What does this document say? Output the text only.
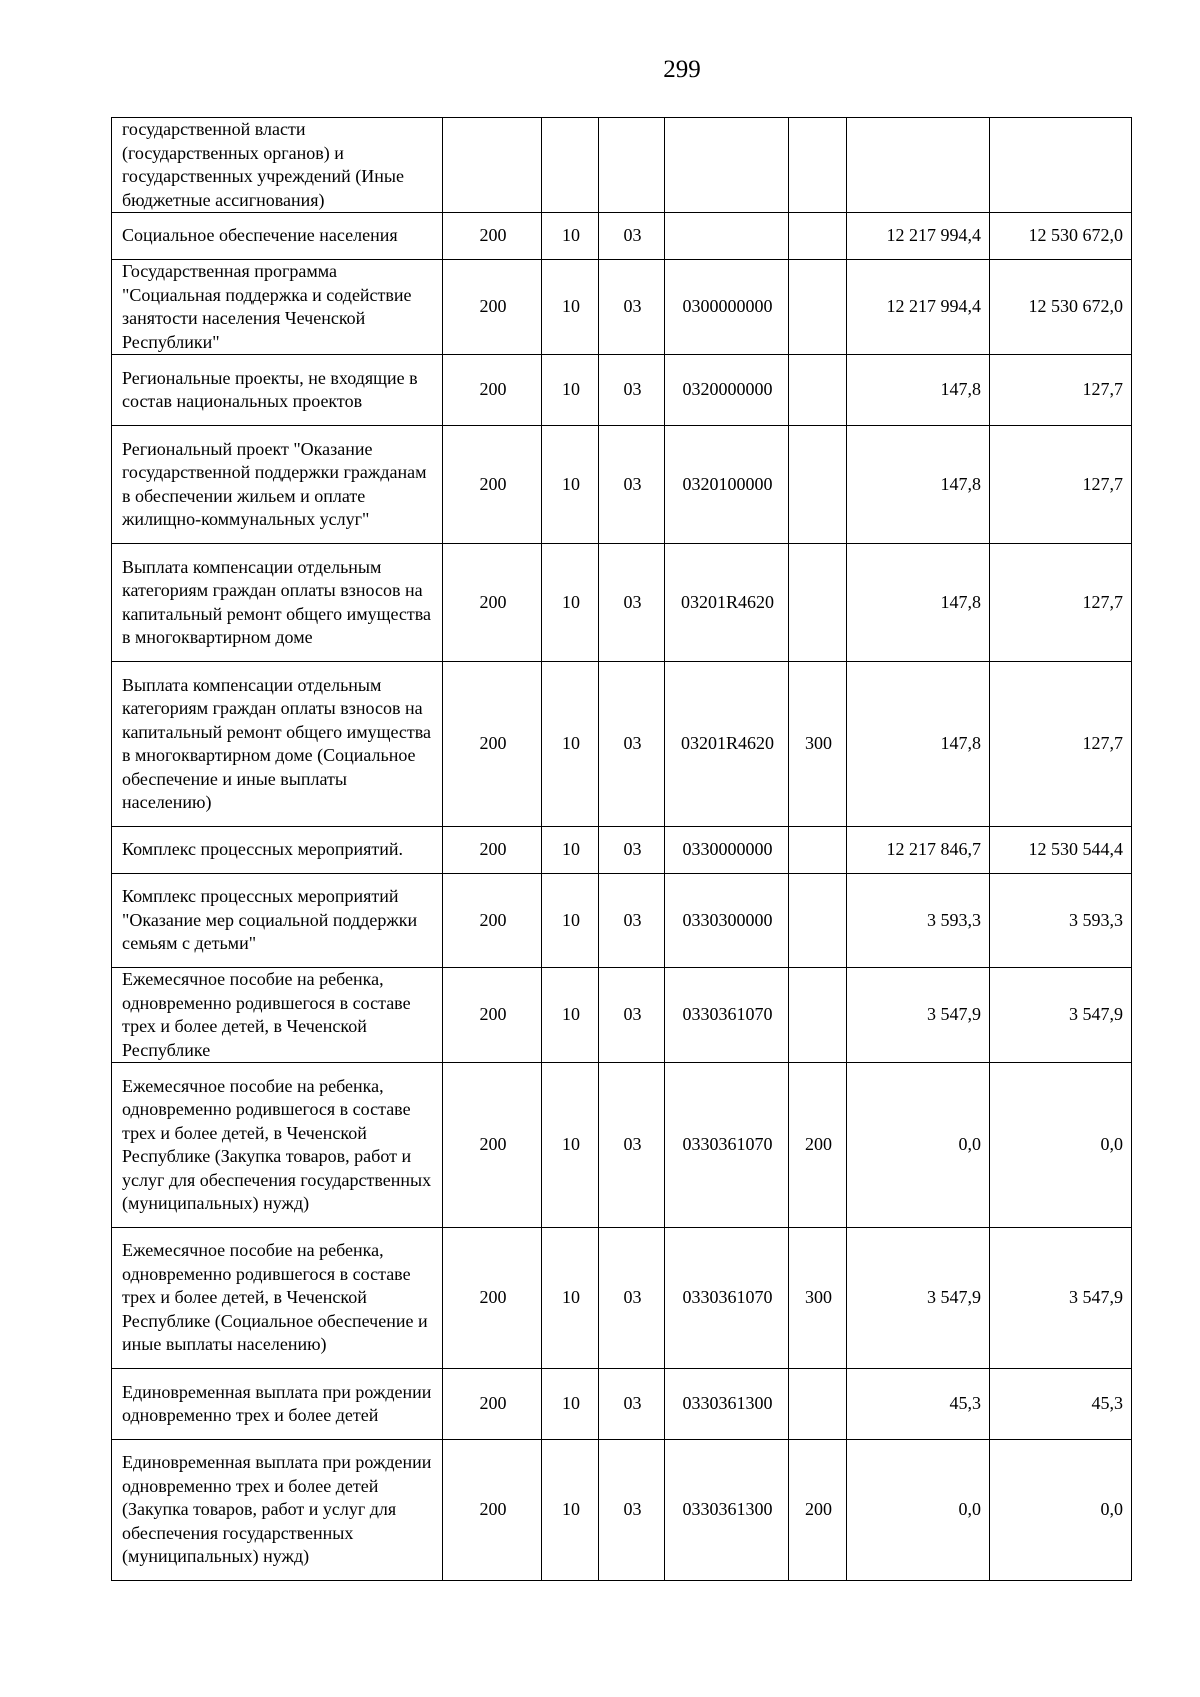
299
государственной власти (государственных органов) и государственных учреждений (Иные бюджетные ассигнования)							
Социальное обеспечение населения	200	10	03			12 217 994,4	12 530 672,0
Государственная программа "Социальная поддержка и содействие занятости населения Чеченской Республики"	200	10	03	0300000000		12 217 994,4	12 530 672,0
Региональные проекты, не входящие в состав национальных проектов	200	10	03	0320000000		147,8	127,7
Региональный проект "Оказание государственной поддержки гражданам в обеспечении жильем и оплате жилищно-коммунальных услуг"	200	10	03	0320100000		147,8	127,7
Выплата компенсации отдельным категориям граждан оплаты взносов на капитальный ремонт общего имущества в многоквартирном доме	200	10	03	03201R4620		147,8	127,7
Выплата компенсации отдельным категориям граждан оплаты взносов на капитальный ремонт общего имущества в многоквартирном доме (Социальное обеспечение и иные выплаты населению)	200	10	03	03201R4620	300	147,8	127,7
Комплекс процессных мероприятий.	200	10	03	0330000000		12 217 846,7	12 530 544,4
Комплекс процессных мероприятий "Оказание мер социальной поддержки семьям с детьми"	200	10	03	0330300000		3 593,3	3 593,3
Ежемесячное пособие на ребенка, одновременно родившегося в составе трех и более детей, в Чеченской Республике	200	10	03	0330361070		3 547,9	3 547,9
Ежемесячное пособие на ребенка, одновременно родившегося в составе трех и более детей, в Чеченской Республике (Закупка товаров, работ и услуг для обеспечения государственных (муниципальных) нужд)	200	10	03	0330361070	200	0,0	0,0
Ежемесячное пособие на ребенка, одновременно родившегося в составе трех и более детей, в Чеченской Республике (Социальное обеспечение и иные выплаты населению)	200	10	03	0330361070	300	3 547,9	3 547,9
Единовременная выплата при рождении одновременно трех и более детей	200	10	03	0330361300		45,3	45,3
Единовременная выплата при рождении одновременно трех и более детей (Закупка товаров, работ и услуг для обеспечения государственных (муниципальных) нужд)	200	10	03	0330361300	200	0,0	0,0
